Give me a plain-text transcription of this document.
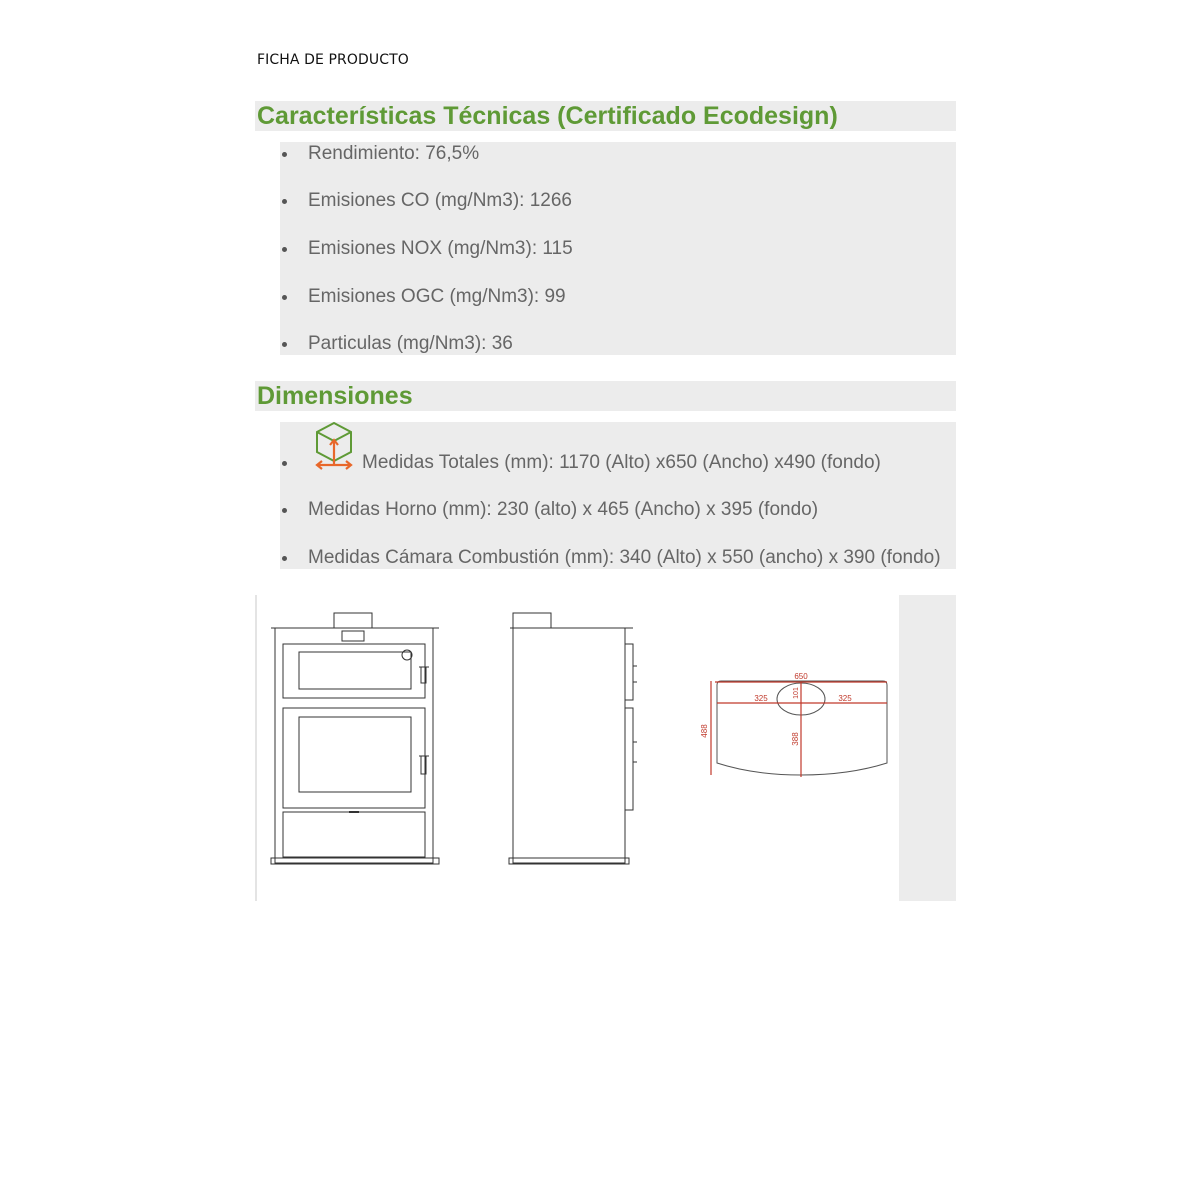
FICHA DE PRODUCTO
Características Técnicas (Certificado Ecodesign)
Rendimiento: 76,5%
Emisiones CO (mg/Nm3): 1266
Emisiones NOX (mg/Nm3): 115
Emisiones OGC (mg/Nm3): 99
Particulas (mg/Nm3): 36
Dimensiones
Medidas Totales (mm): 1170 (Alto) x650 (Ancho) x490 (fondo)
Medidas Horno (mm): 230 (alto) x 465 (Ancho) x 395 (fondo)
Medidas Cámara Combustión (mm): 340 (Alto) x 550 (ancho) x 390 (fondo)
650
325	325
488
101
388
